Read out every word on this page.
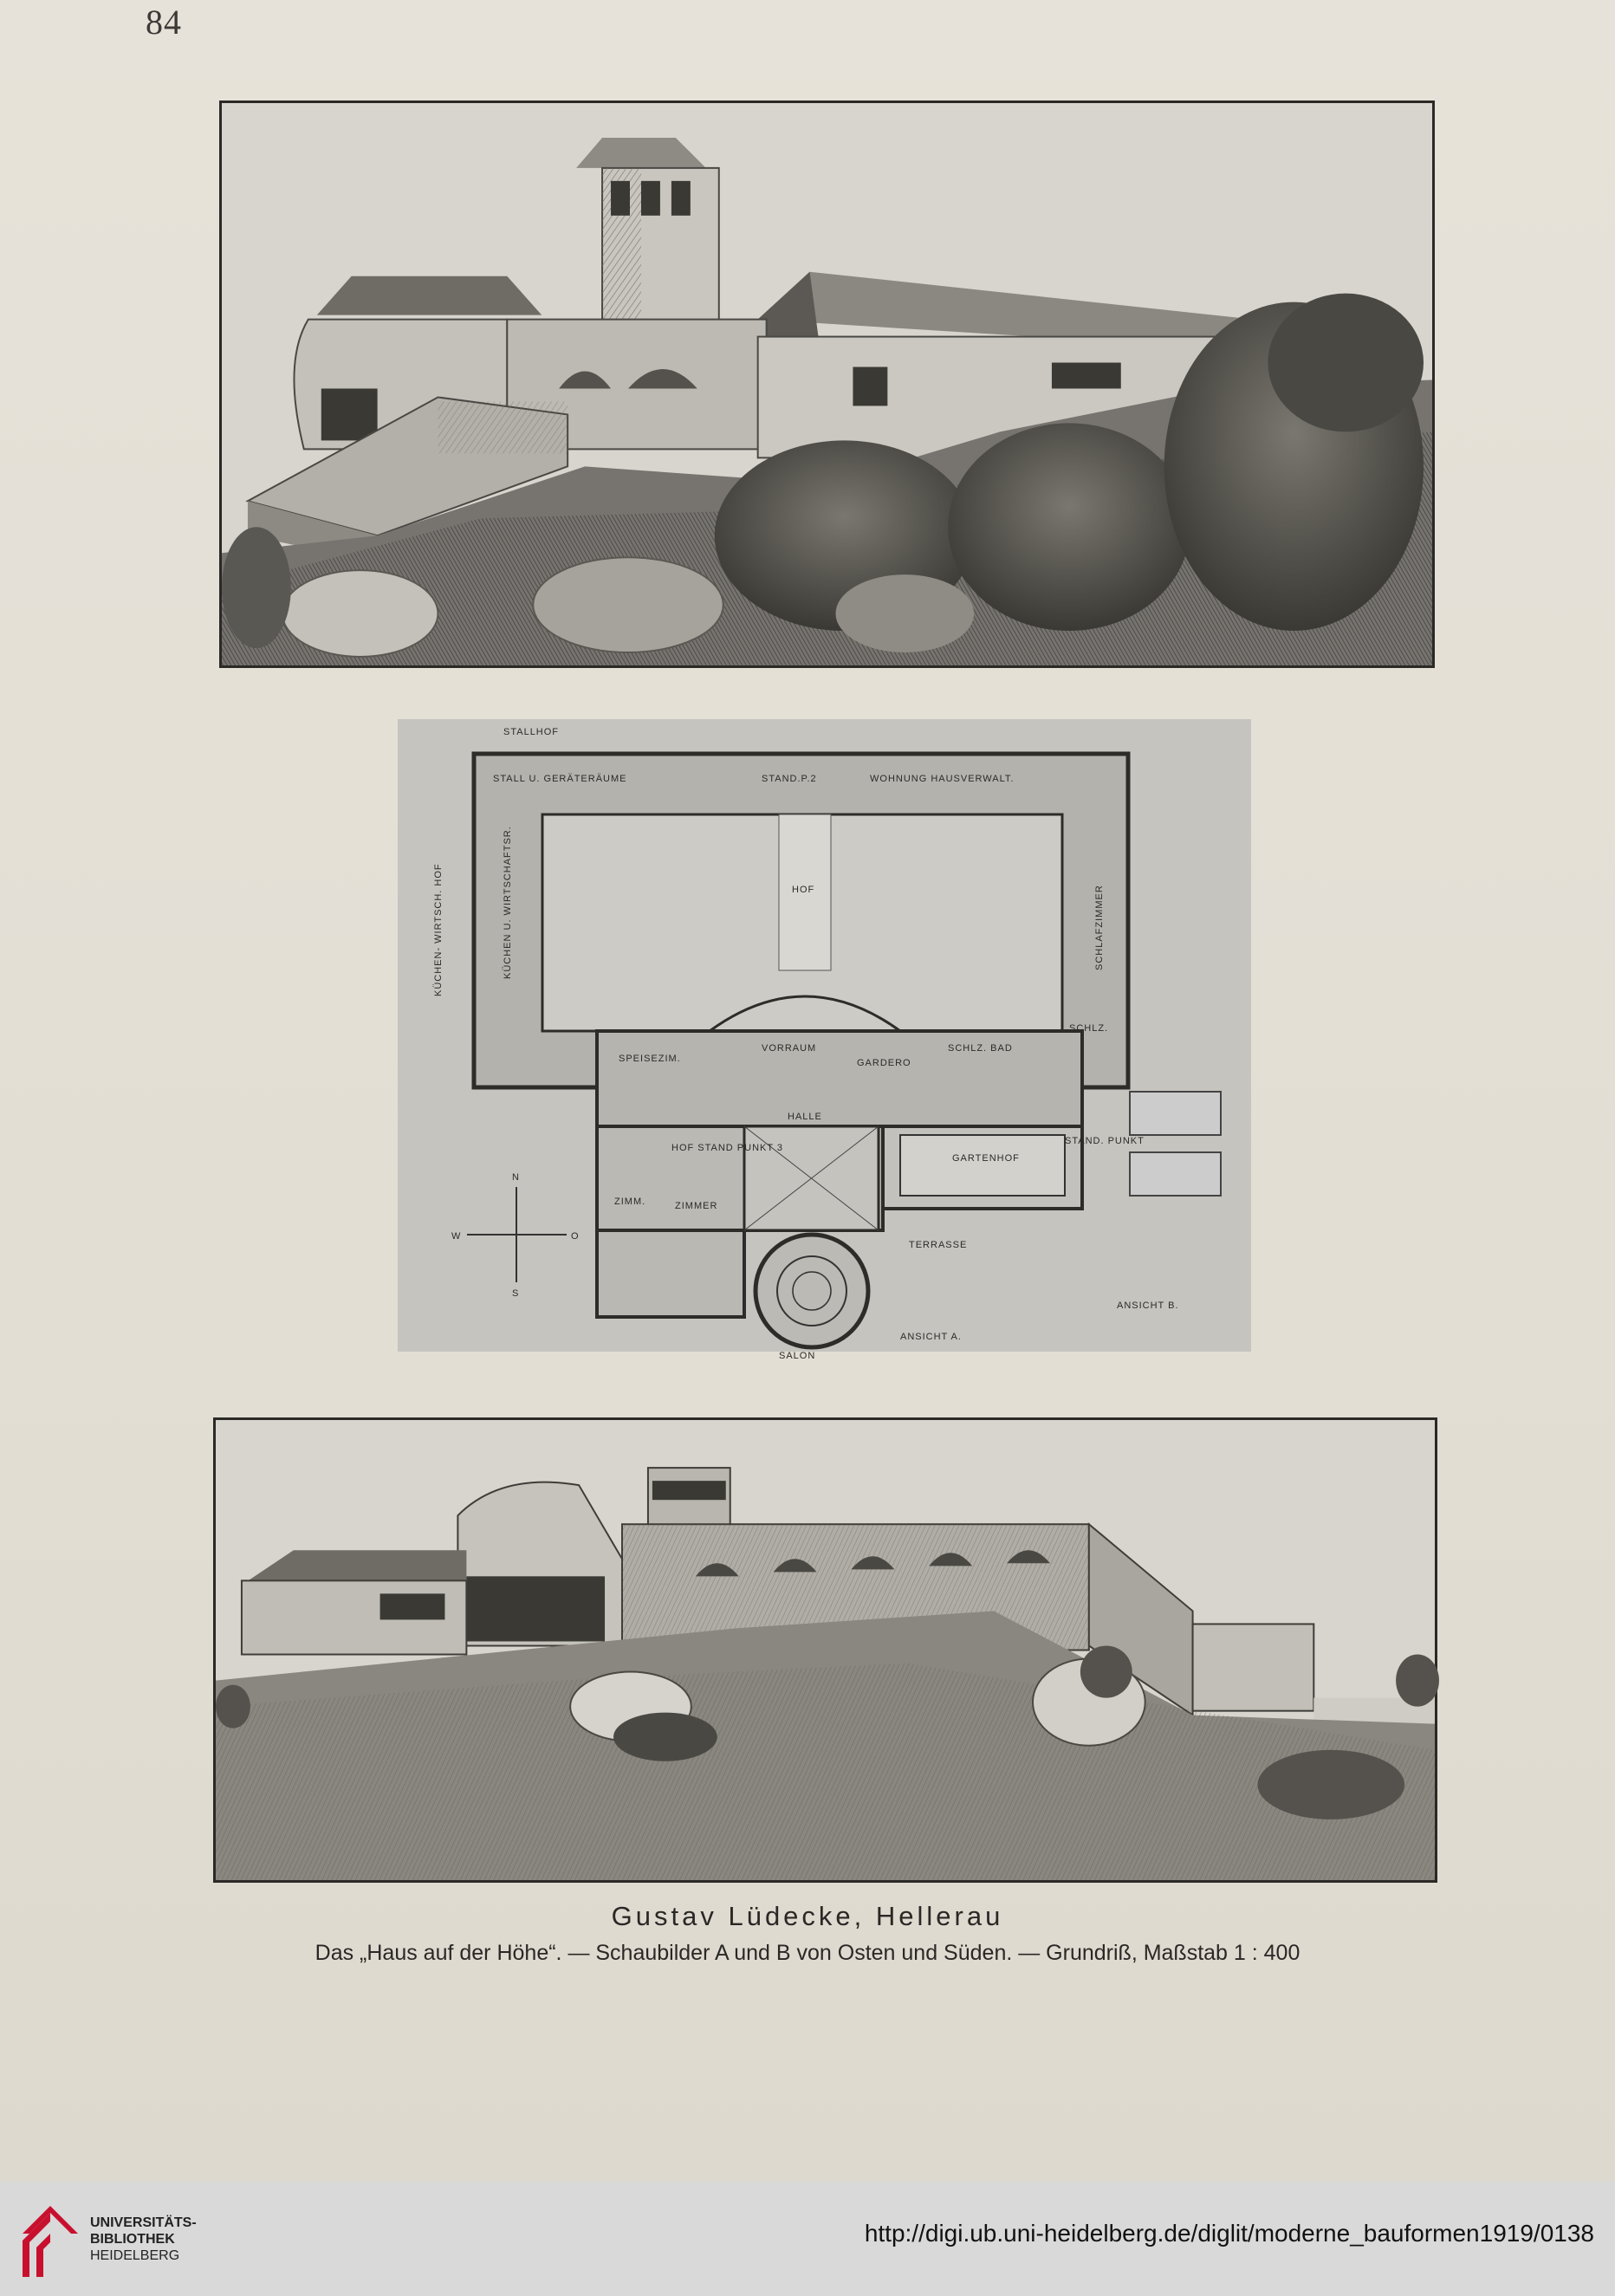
84
STALLHOF
STALL U. GERÄTERÄUME	STAND.P.2	WOHNUNG HAUSVERWALT.
HOF
KÜCHEN U. WIRTSCHAFTSR.
KÜCHEN- WIRTSCH. HOF	SCHLAFZIMMER
SPEISEZIM.
VORRAUM
SCHLZ.
GARDERO
SCHLZ. BAD
HALLE
HOF STAND PUNKT 3
GARTENHOF
STAND. PUNKT
ZIMM.	ZIMMER
TERRASSE
SALON
ANSICHT A.
ANSICHT B.
N
S
W	O
Gustav Lüdecke, Hellerau
Das „Haus auf der Höhe“. — Schaubilder A und B von Osten und Süden. — Grundriß, Maßstab 1 : 400
UNIVERSITÄTS-
BIBLIOTHEK
HEIDELBERG
http://digi.ub.uni-heidelberg.de/diglit/moderne_bauformen1919/0138
